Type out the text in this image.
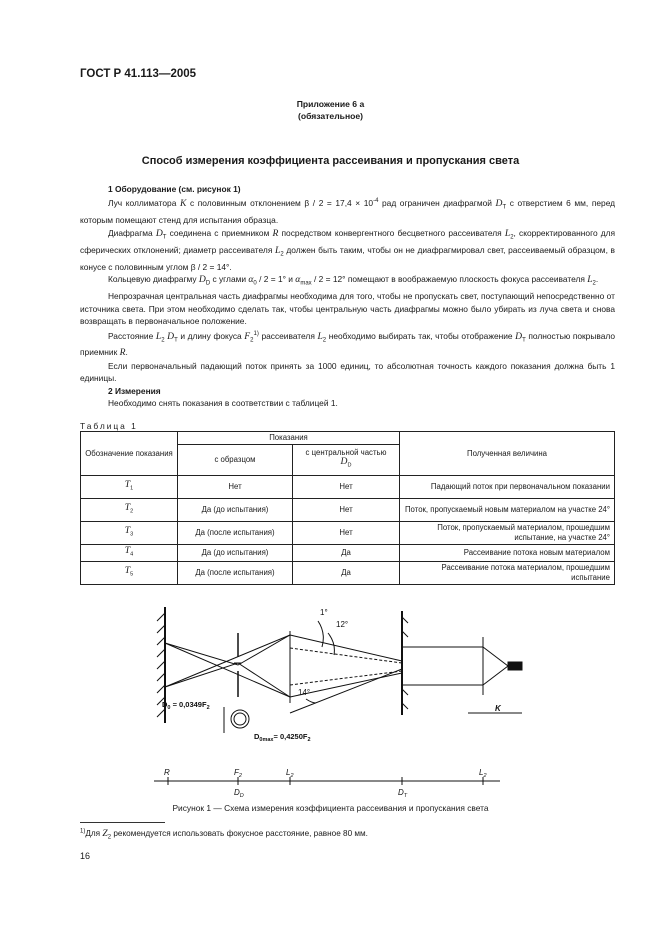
ГОСТ Р 41.113—2005
Приложение 6 а
(обязательное)
Способ измерения коэффициента рассеивания и пропускания света

1 Оборудование (см. рисунок 1)

Луч коллиматора K с половинным отклонением $\beta / 2 = 17,4 \times 10^{-4}$ рад ограничен диафрагмой $D_T$ с отверстием 6 мм, перед которым помещают стенд для испытания образца.

Диафрагма $D_T$ соединена с приемником R посредством конвергентного бесцветного рассеивателя $L_2$, скорректированного для сферических отклонений; диаметр рассеивателя $L_2$ должен быть таким, чтобы он не диафрагмировал свет, рассеиваемый образцом, в конусе с половинным углом β / 2 = 14°.

Кольцевую диафрагму $D_D$ с углами $\alpha_0 / 2 = 1^\circ$ и $\alpha_{max} / 2 = 12^\circ$ помещают в воображаемую плоскость фокуса рассеивателя $L_2$.

Непрозрачная центральная часть диафрагмы необходима для того, чтобы не пропускать свет, поступающий непосредственно от источника света. При этом необходимо сделать так, чтобы центральную часть диафрагмы можно было убирать из луча света и снова возвращать в первоначальное положение.

Расстояние $L_2$ $D_T$ и длину фокуса $F_2^{1)}$ рассеивателя $L_2$ необходимо выбирать так, чтобы отображение $D_T$ полностью покрывало приемник R.

Если первоначальный падающий поток принять за 1000 единиц, то абсолютная точность каждого показания должна быть 1 единицы.

2 Измерения

Необходимо снять показания в соответствии с таблицей 1.

Таблица 1
Обозначение показания	Показания		Полученная величина
	с образцом	с центральной частью
$D_D$
$T_1$	Нет	Нет	Падающий поток при первоначальном показании
$T_2$	Да (до испытания)	Нет	Поток, пропускаемый новым материалом на участке 24°
$T_3$	Да (после испытания)	Нет	Поток, пропускаемый материалом, прошедшим испытание, на участке 24°
$T_4$	Да (до испытания)	Да	Рассеивание потока новым материалом
$T_5$	Да (после испытания)	Да	Рассеивание потока материалом, прошедшим испытание
1°
12°
14°
K
$D_0 = 0,0349F_2$
$D_{0max}= 0,4250F_2$
R	$F_2$
$D_D$
$L_2$
$D_T$
$L_2$
Рисунок 1 — Схема измерения коэффициента рассеивания и пропускания света
$^{1)}$Для $Z_2$ рекомендуется использовать фокусное расстояние, равное 80 мм.
16
